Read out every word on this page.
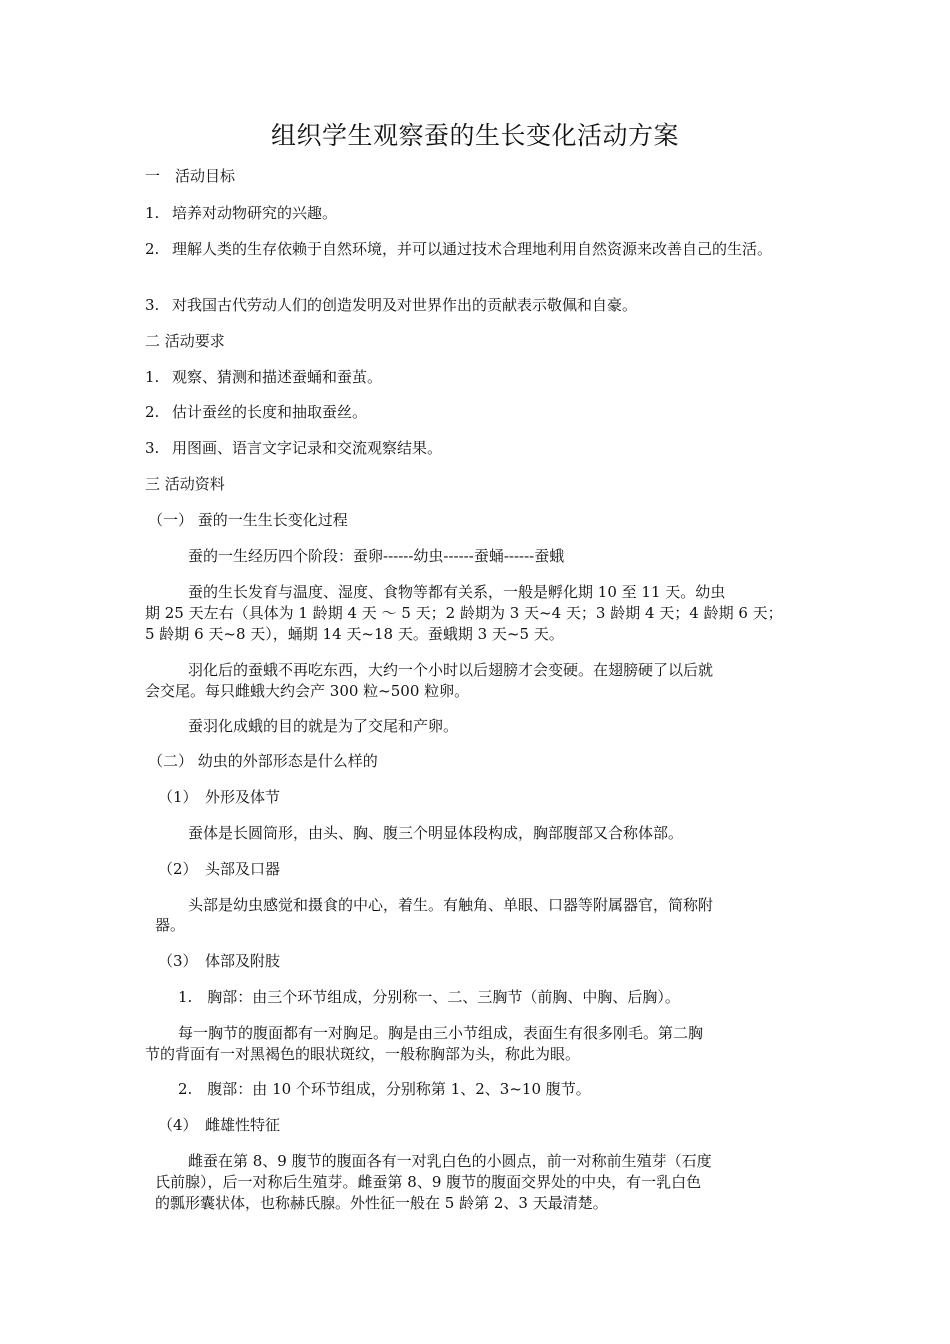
组织学生观察蚕的生长变化活动方案
一　活动目标
1. 培养对动物研究的兴趣。
2. 理解人类的生存依赖于自然环境，并可以通过技术合理地利用自然资源来改善自己的生活。
3. 对我国古代劳动人们的创造发明及对世界作出的贡献表示敬佩和自豪。
二 活动要求
1. 观察、猜测和描述蚕蛹和蚕茧。
2. 估计蚕丝的长度和抽取蚕丝。
3. 用图画、语言文字记录和交流观察结果。
三 活动资料
（一） 蚕的一生生长变化过程
蚕的一生经历四个阶段：蚕卵------幼虫------蚕蛹------蚕蛾
蚕的生长发育与温度、湿度、食物等都有关系，一般是孵化期 10 至 11 天。幼虫
期 25 天左右（具体为 1 龄期 4 天 ～ 5 天；2 龄期为 3 天~4 天；3 龄期 4 天；4 龄期 6 天；
5 龄期 6 天~8 天），蛹期 14 天~18 天。蚕蛾期 3 天~5 天。
羽化后的蚕蛾不再吃东西，大约一个小时以后翅膀才会变硬。在翅膀硬了以后就
会交尾。每只雌蛾大约会产 300 粒~500 粒卵。
蚕羽化成蛾的目的就是为了交尾和产卵。
（二） 幼虫的外部形态是什么样的
（1）　外形及体节
蚕体是长圆筒形，由头、胸、腹三个明显体段构成，胸部腹部又合称体部。
（2）　头部及口器
头部是幼虫感觉和摄食的中心，着生。有触角、单眼、口器等附属器官，简称附
器。
（3）　体部及附肢
1.　胸部：由三个环节组成，分别称一、二、三胸节（前胸、中胸、后胸）。
每一胸节的腹面都有一对胸足。胸是由三小节组成，表面生有很多刚毛。第二胸
节的背面有一对黑褐色的眼状斑纹，一般称胸部为头，称此为眼。
2.　腹部：由 10 个环节组成，分别称第 1、2、3~10 腹节。
（4）　雌雄性特征
雌蚕在第 8、9 腹节的腹面各有一对乳白色的小圆点，前一对称前生殖芽（石度
氏前腺），后一对称后生殖芽。雌蚕第 8、9 腹节的腹面交界处的中央，有一乳白色
的瓢形囊状体，也称赫氏腺。外性征一般在 5 龄第 2、3 天最清楚。
